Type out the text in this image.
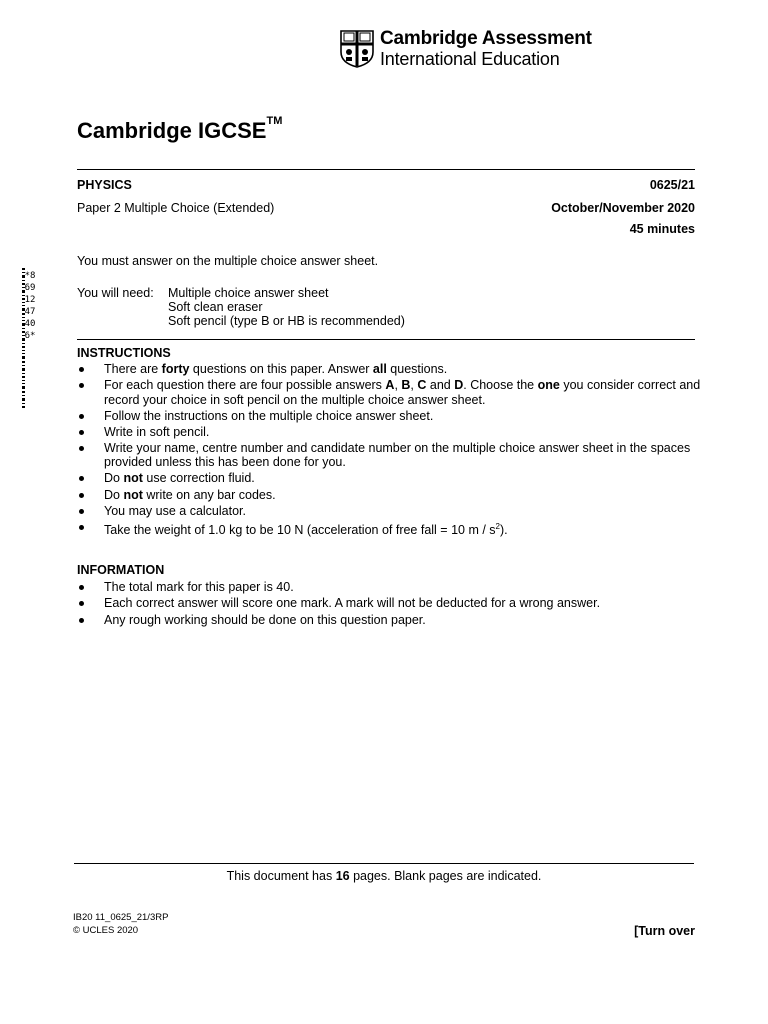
Cambridge Assessment
International Education
Cambridge IGCSE™
PHYSICS	0625/21
Paper 2 Multiple Choice (Extended)	October/November 2020
45 minutes
You must answer on the multiple choice answer sheet.
You will need: Multiple choice answer sheet
Soft clean eraser
Soft pencil (type B or HB is recommended)
*8691247406*
INSTRUCTIONS
There are forty questions on this paper. Answer all questions.
For each question there are four possible answers A, B, C and D. Choose the one you consider correct and record your choice in soft pencil on the multiple choice answer sheet.
Follow the instructions on the multiple choice answer sheet.
Write in soft pencil.
Write your name, centre number and candidate number on the multiple choice answer sheet in the spaces provided unless this has been done for you.
Do not use correction fluid.
Do not write on any bar codes.
You may use a calculator.
Take the weight of 1.0 kg to be 10 N (acceleration of free fall = 10 m / $s^2$).
INFORMATION
The total mark for this paper is 40.
Each correct answer will score one mark. A mark will not be deducted for a wrong answer.
Any rough working should be done on this question paper.
This document has 16 pages. Blank pages are indicated.
IB20 11_0625_21/3RP
© UCLES 2020	[Turn over
